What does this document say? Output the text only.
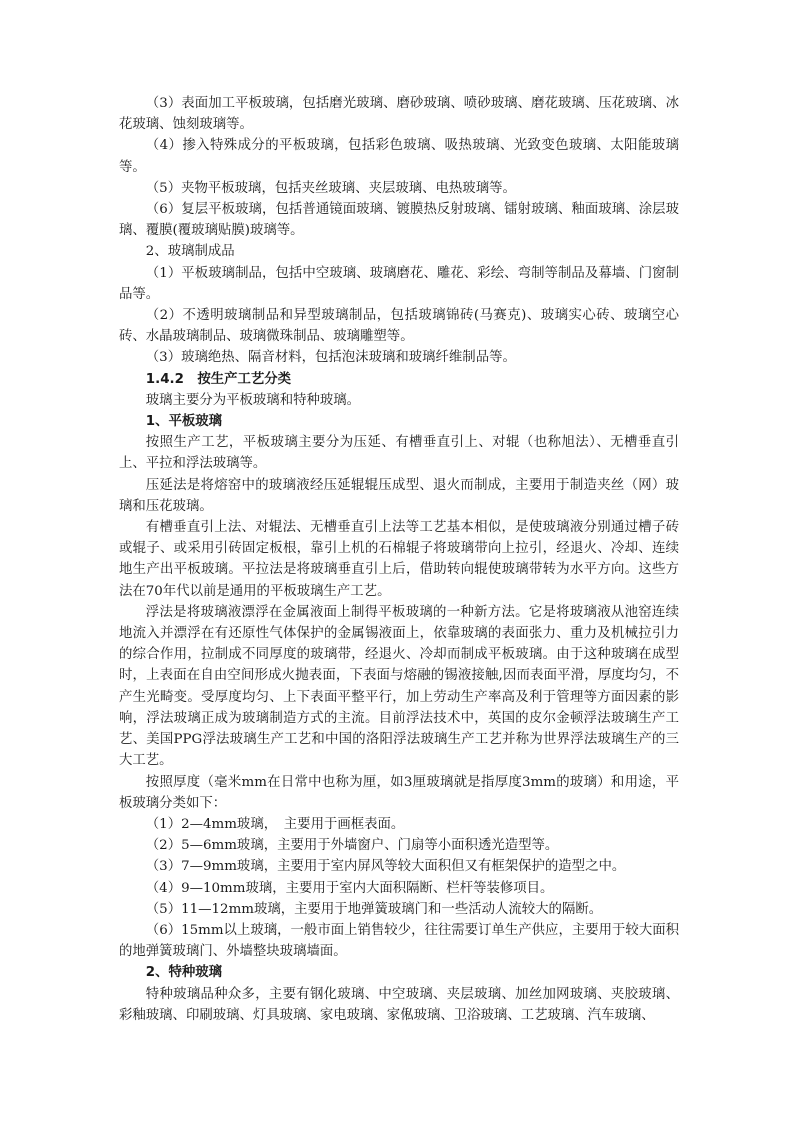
（3）表面加工平板玻璃，包括磨光玻璃、磨砂玻璃、喷砂玻璃、磨花玻璃、压花玻璃、冰花玻璃、蚀刻玻璃等。

（4）掺入特殊成分的平板玻璃，包括彩色玻璃、吸热玻璃、光致变色玻璃、太阳能玻璃等。

（5）夹物平板玻璃，包括夹丝玻璃、夹层玻璃、电热玻璃等。

（6）复层平板玻璃，包括普通镜面玻璃、镀膜热反射玻璃、镭射玻璃、釉面玻璃、涂层玻璃、覆膜(覆玻璃贴膜)玻璃等。

2、玻璃制成品

（1）平板玻璃制品，包括中空玻璃、玻璃磨花、雕花、彩绘、弯制等制品及幕墙、门窗制品等。

（2）不透明玻璃制品和异型玻璃制品，包括玻璃锦砖(马赛克)、玻璃实心砖、玻璃空心砖、水晶玻璃制品、玻璃微珠制品、玻璃雕塑等。

（3）玻璃绝热、隔音材料，包括泡沫玻璃和玻璃纤维制品等。

1.4.2　按生产工艺分类

玻璃主要分为平板玻璃和特种玻璃。

1、平板玻璃

按照生产工艺，平板玻璃主要分为压延、有槽垂直引上、对辊（也称旭法）、无槽垂直引上、平拉和浮法玻璃等。

压延法是将熔窑中的玻璃液经压延辊辊压成型、退火而制成，主要用于制造夹丝（网）玻璃和压花玻璃。

有槽垂直引上法、对辊法、无槽垂直引上法等工艺基本相似，是使玻璃液分别通过槽子砖或辊子、或采用引砖固定板根，靠引上机的石棉辊子将玻璃带向上拉引，经退火、冷却、连续地生产出平板玻璃。平拉法是将玻璃垂直引上后，借助转向辊使玻璃带转为水平方向。这些方法在70年代以前是通用的平板玻璃生产工艺。

浮法是将玻璃液漂浮在金属液面上制得平板玻璃的一种新方法。它是将玻璃液从池窑连续地流入并漂浮在有还原性气体保护的金属锡液面上，依靠玻璃的表面张力、重力及机械拉引力的综合作用，拉制成不同厚度的玻璃带，经退火、冷却而制成平板玻璃。由于这种玻璃在成型时，上表面在自由空间形成火抛表面，下表面与熔融的锡液接触,因而表面平滑，厚度均匀，不产生光畸变。受厚度均匀、上下表面平整平行，加上劳动生产率高及利于管理等方面因素的影响，浮法玻璃正成为玻璃制造方式的主流。目前浮法技术中，英国的皮尔金顿浮法玻璃生产工艺、美国PPG浮法玻璃生产工艺和中国的洛阳浮法玻璃生产工艺并称为世界浮法玻璃生产的三大工艺。

按照厚度（毫米mm在日常中也称为厘，如3厘玻璃就是指厚度3mm的玻璃）和用途，平板玻璃分类如下：

（1）2—4mm玻璃，　主要用于画框表面。

（2）5—6mm玻璃，主要用于外墙窗户、门扇等小面积透光造型等。

（3）7—9mm玻璃，主要用于室内屏风等较大面积但又有框架保护的造型之中。

（4）9—10mm玻璃，主要用于室内大面积隔断、栏杆等装修项目。

（5）11—12mm玻璃，主要用于地弹簧玻璃门和一些活动人流较大的隔断。

（6）15mm以上玻璃，一般市面上销售较少，往往需要订单生产供应，主要用于较大面积的地弹簧玻璃门、外墙整块玻璃墙面。

2、特种玻璃

特种玻璃品种众多，主要有钢化玻璃、中空玻璃、夹层玻璃、加丝加网玻璃、夹胶玻璃、彩釉玻璃、印刷玻璃、灯具玻璃、家电玻璃、家俬玻璃、卫浴玻璃、工艺玻璃、汽车玻璃、
